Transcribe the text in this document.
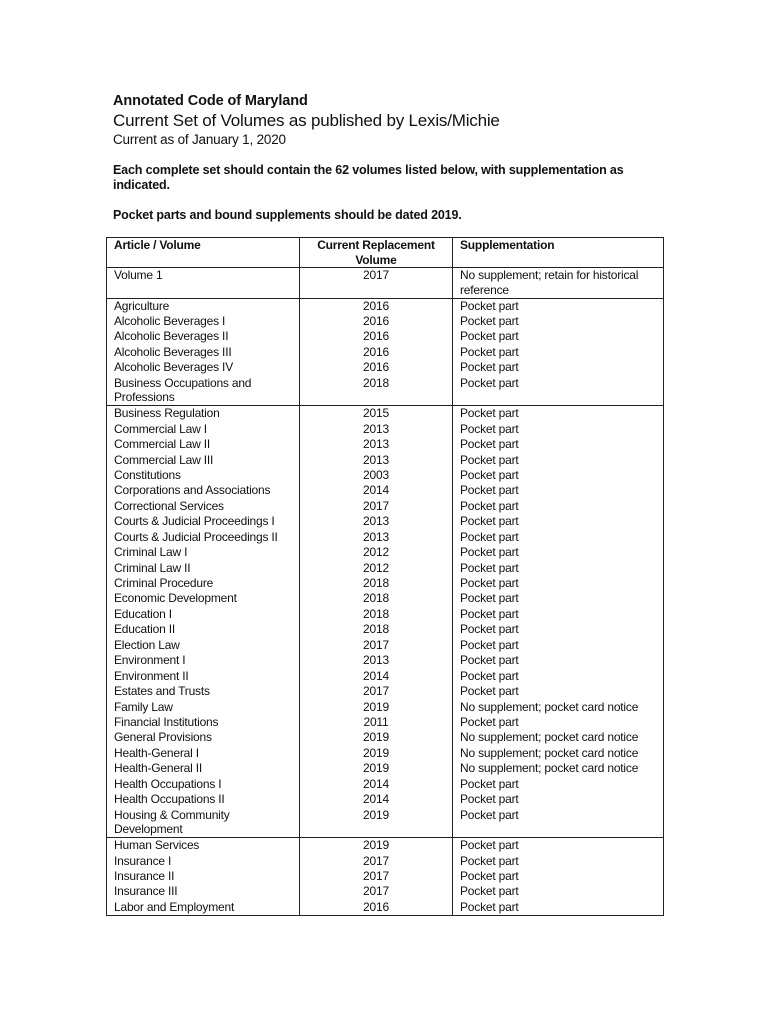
Annotated Code of Maryland
Current Set of Volumes as published by Lexis/Michie
Current as of January 1, 2020
Each complete set should contain the 62 volumes listed below, with supplementation as indicated.
Pocket parts and bound supplements should be dated 2019.
Article / Volume	Current Replacement Volume	Supplementation
Volume 1	2017	No supplement; retain for historical reference
Agriculture	2016	Pocket part
Alcoholic Beverages I	2016	Pocket part
Alcoholic Beverages II	2016	Pocket part
Alcoholic Beverages III	2016	Pocket part
Alcoholic Beverages IV	2016	Pocket part
Business Occupations and Professions	2018	Pocket part
Business Regulation	2015	Pocket part
Commercial Law I	2013	Pocket part
Commercial Law II	2013	Pocket part
Commercial Law III	2013	Pocket part
Constitutions	2003	Pocket part
Corporations and Associations	2014	Pocket part
Correctional Services	2017	Pocket part
Courts & Judicial Proceedings I	2013	Pocket part
Courts & Judicial Proceedings II	2013	Pocket part
Criminal Law I	2012	Pocket part
Criminal Law II	2012	Pocket part
Criminal Procedure	2018	Pocket part
Economic Development	2018	Pocket part
Education I	2018	Pocket part
Education II	2018	Pocket part
Election Law	2017	Pocket part
Environment I	2013	Pocket part
Environment II	2014	Pocket part
Estates and Trusts	2017	Pocket part
Family Law	2019	No supplement; pocket card notice
Financial Institutions	2011	Pocket part
General Provisions	2019	No supplement; pocket card notice
Health-General I	2019	No supplement; pocket card notice
Health-General II	2019	No supplement; pocket card notice
Health Occupations I	2014	Pocket part
Health Occupations II	2014	Pocket part
Housing & Community Development	2019	Pocket part
Human Services	2019	Pocket part
Insurance I	2017	Pocket part
Insurance II	2017	Pocket part
Insurance III	2017	Pocket part
Labor and Employment	2016	Pocket part
